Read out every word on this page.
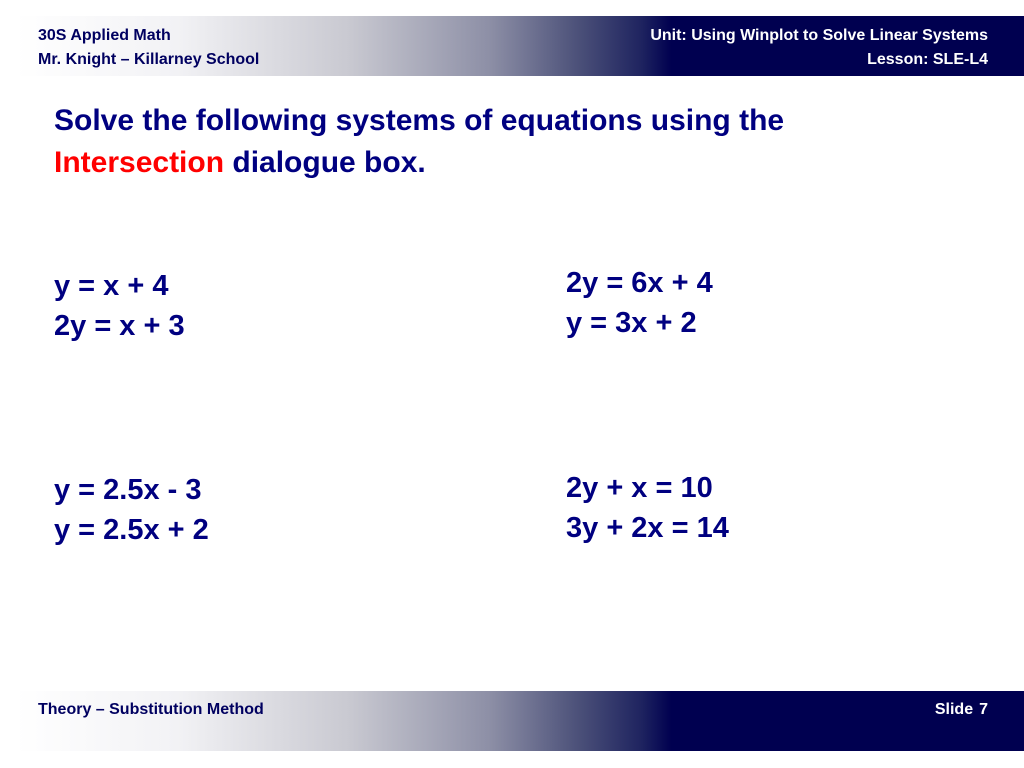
30S Applied Math
Mr. Knight – Killarney School
Unit: Using Winplot to Solve Linear Systems
Lesson: SLE-L4
Solve the following systems of equations using the
Intersection dialogue box.
y = x + 4
2y = x + 3
2y = 6x + 4
y = 3x + 2
y = 2.5x - 3
y = 2.5x + 2
2y + x = 10
3y + 2x = 14
Theory – Substitution Method	Slide 7
